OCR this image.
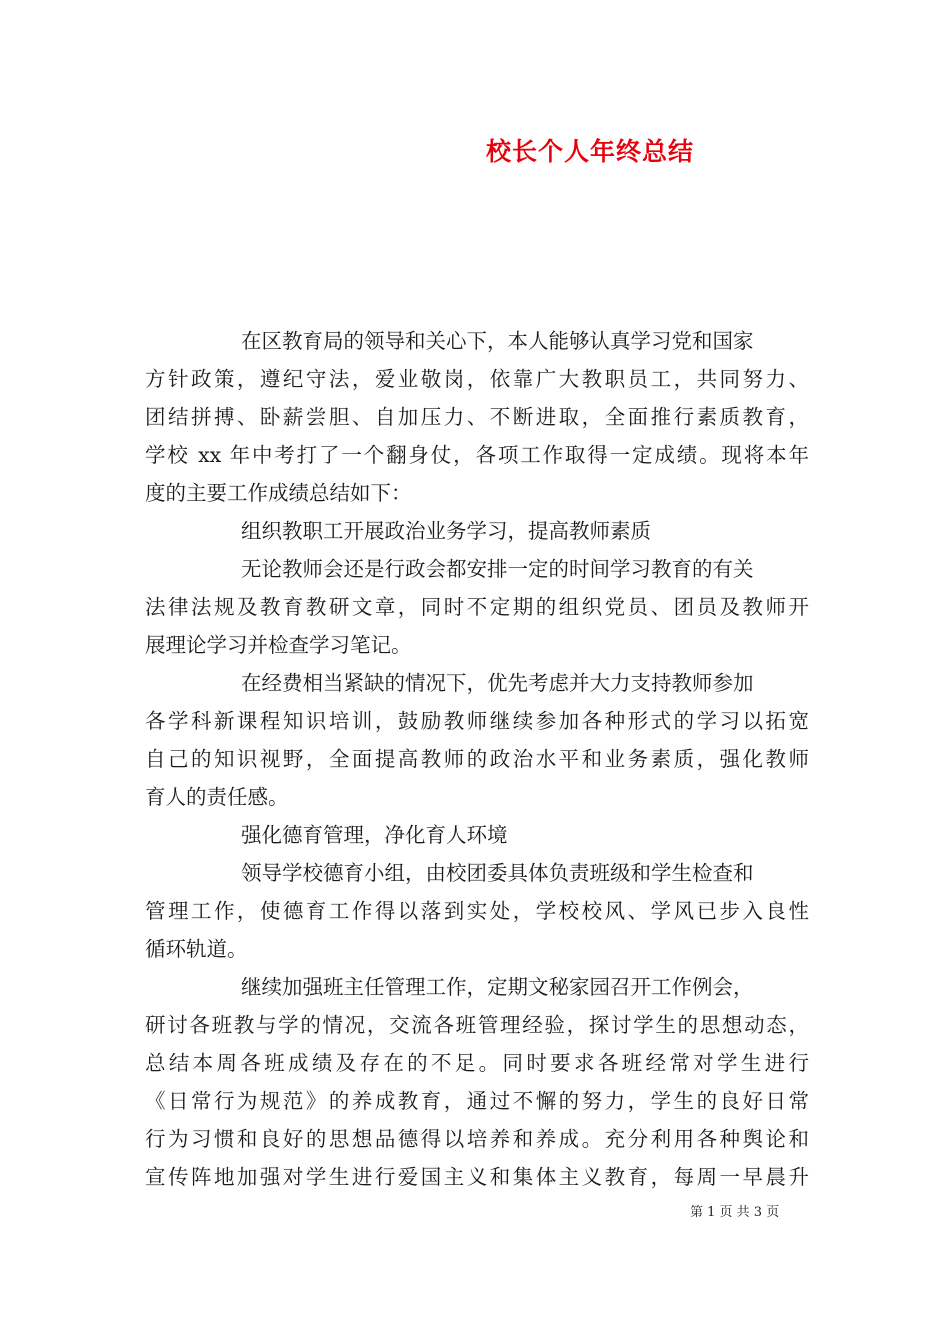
校长个人年终总结
在区教育局的领导和关心下，本人能够认真学习党和国家
方针政策，遵纪守法，爱业敬岗，依靠广大教职员工，共同努力、
团结拼搏、卧薪尝胆、自加压力、不断进取，全面推行素质教育，
学校 xx 年中考打了一个翻身仗，各项工作取得一定成绩。现将本年
度的主要工作成绩总结如下：
组织教职工开展政治业务学习，提高教师素质
无论教师会还是行政会都安排一定的时间学习教育的有关
法律法规及教育教研文章，同时不定期的组织党员、团员及教师开
展理论学习并检查学习笔记。
在经费相当紧缺的情况下，优先考虑并大力支持教师参加
各学科新课程知识培训，鼓励教师继续参加各种形式的学习以拓宽
自己的知识视野，全面提高教师的政治水平和业务素质，强化教师
育人的责任感。
强化德育管理，净化育人环境
领导学校德育小组，由校团委具体负责班级和学生检查和
管理工作，使德育工作得以落到实处，学校校风、学风已步入良性
循环轨道。
继续加强班主任管理工作，定期文秘家园召开工作例会，
研讨各班教与学的情况，交流各班管理经验，探讨学生的思想动态，
总结本周各班成绩及存在的不足。同时要求各班经常对学生进行
《日常行为规范》的养成教育，通过不懈的努力，学生的良好日常
行为习惯和良好的思想品德得以培养和养成。充分利用各种舆论和
宣传阵地加强对学生进行爱国主义和集体主义教育，每周一早晨升
第 1 页 共 3 页
